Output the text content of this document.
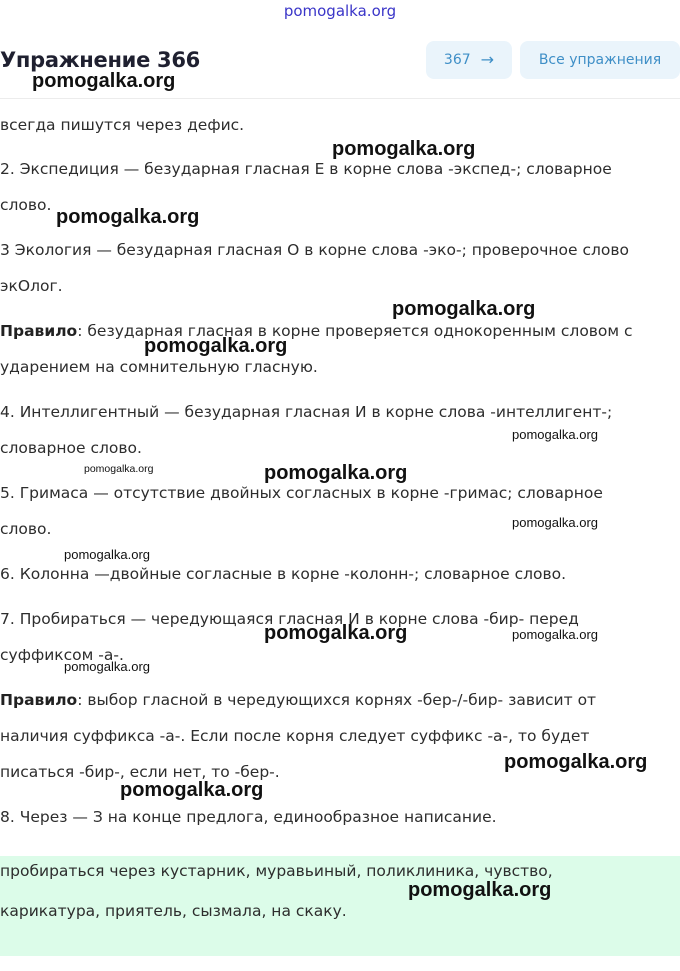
pomogalka.org
всегда пишутся через дефис.
2. Экспедиция — безударная гласная Е в корне слова -экспед-; словарное
слово.
3 Экология — безударная гласная О в корне слова -эко-; проверочное слово
экОлог.
Правило: безударная гласная в корне проверяется однокоренным словом с
ударением на сомнительную гласную.
4. Интеллигентный — безударная гласная И в корне слова -интеллигент-;
словарное слово.
5. Гримаса — отсутствие двойных согласных в корне -гримас; словарное
слово.
6. Колонна —двойные согласные в корне -колонн-; словарное слово.
7. Пробираться — чередующаяся гласная И в корне слова -бир- перед
суффиксом -а-.
Правило: выбор гласной в чередующихся корнях -бер-/-бир- зависит от
наличия суффикса -а-. Если после корня следует суффикс -а-, то будет
писаться -бир-, если нет, то -бер-.
8. Через — З на конце предлога, единообразное написание.
пробираться через кустарник, муравьиный, поликлиника, чувство,
карикатура, приятель, сызмала, на скаку.
Упражнение 366	367 →	Все упражнения
pomogalka.org
pomogalka.org
pomogalka.org
pomogalka.org
pomogalka.org
pomogalka.org
pomogalka.org	pomogalka.org
pomogalka.org
pomogalka.org
pomogalka.org	pomogalka.org
pomogalka.org
pomogalka.org
pomogalka.org
pomogalka.org
